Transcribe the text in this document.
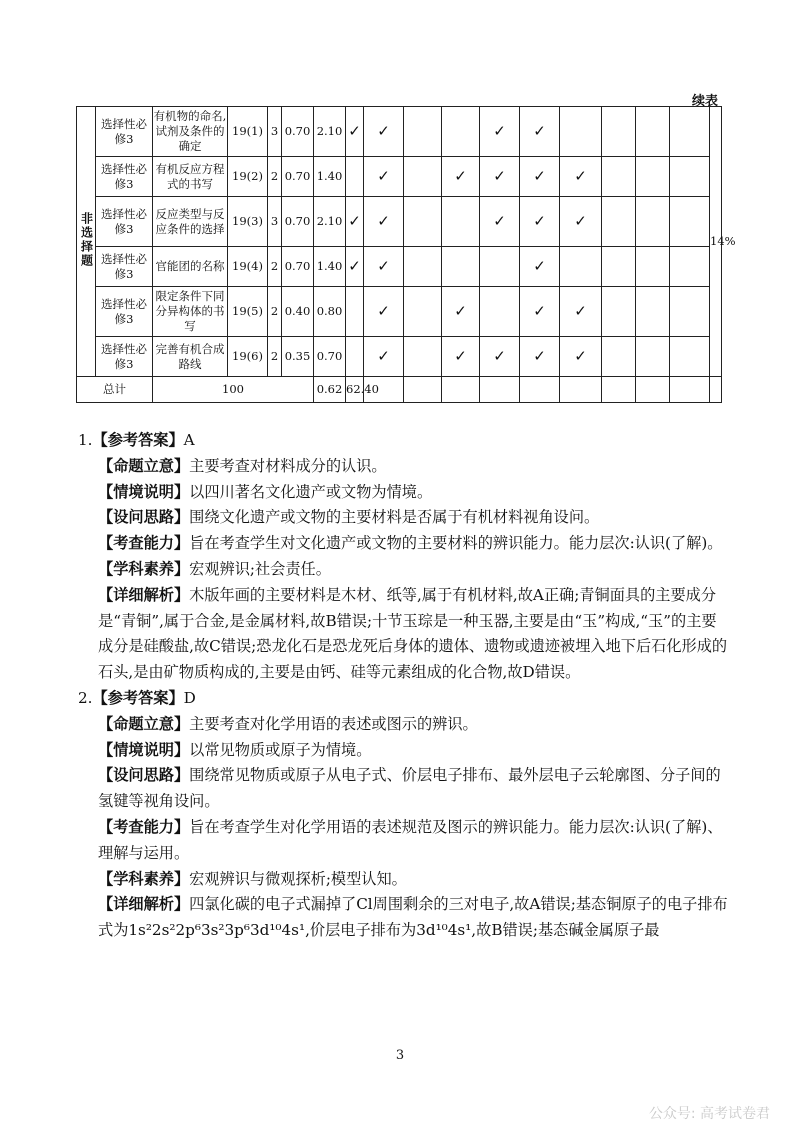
续表
非选择题	选择性必修3	有机物的命名,试剂及条件的确定	19(1)	3	0.70	2.10	✓	✓			✓	✓					14%	
	选择性必修3	有机反应方程式的书写	19(2)	2	0.70	1.40		✓		✓	✓	✓	✓					
	选择性必修3	反应类型与反应条件的选择	19(3)	3	0.70	2.10	✓	✓			✓	✓	✓					
	选择性必修3	官能团的名称	19(4)	2	0.70	1.40	✓	✓				✓						
	选择性必修3	限定条件下同分异构体的书写	19(5)	2	0.40	0.80		✓		✓		✓	✓					
	选择性必修3	完善有机合成路线	19(6)	2	0.35	0.70		✓		✓	✓	✓	✓					
总计		100				0.62	62.40											
1.【参考答案】A
【命题立意】主要考查对材料成分的认识。
【情境说明】以四川著名文化遗产或文物为情境。
【设问思路】围绕文化遗产或文物的主要材料是否属于有机材料视角设问。
【考查能力】旨在考查学生对文化遗产或文物的主要材料的辨识能力。能力层次:认识(了解)。
【学科素养】宏观辨识;社会责任。
【详细解析】木版年画的主要材料是木材、纸等,属于有机材料,故A正确;青铜面具的主要成分是“青铜”,属于合金,是金属材料,故B错误;十节玉琮是一种玉器,主要是由“玉”构成,“玉”的主要成分是硅酸盐,故C错误;恐龙化石是恐龙死后身体的遗体、遗物或遗迹被埋入地下后石化形成的石头,是由矿物质构成的,主要是由钙、硅等元素组成的化合物,故D错误。
2.【参考答案】D
【命题立意】主要考查对化学用语的表述或图示的辨识。
【情境说明】以常见物质或原子为情境。
【设问思路】围绕常见物质或原子从电子式、价层电子排布、最外层电子云轮廓图、分子间的氢键等视角设问。
【考查能力】旨在考查学生对化学用语的表述规范及图示的辨识能力。能力层次:认识(了解)、理解与运用。
【学科素养】宏观辨识与微观探析;模型认知。
【详细解析】四氯化碳的电子式漏掉了Cl周围剩余的三对电子,故A错误;基态铜原子的电子排布式为1s²2s²2p⁶3s²3p⁶3d¹⁰4s¹,价层电子排布为3d¹⁰4s¹,故B错误;基态碱金属原子最
3
公众号: 高考试卷君
